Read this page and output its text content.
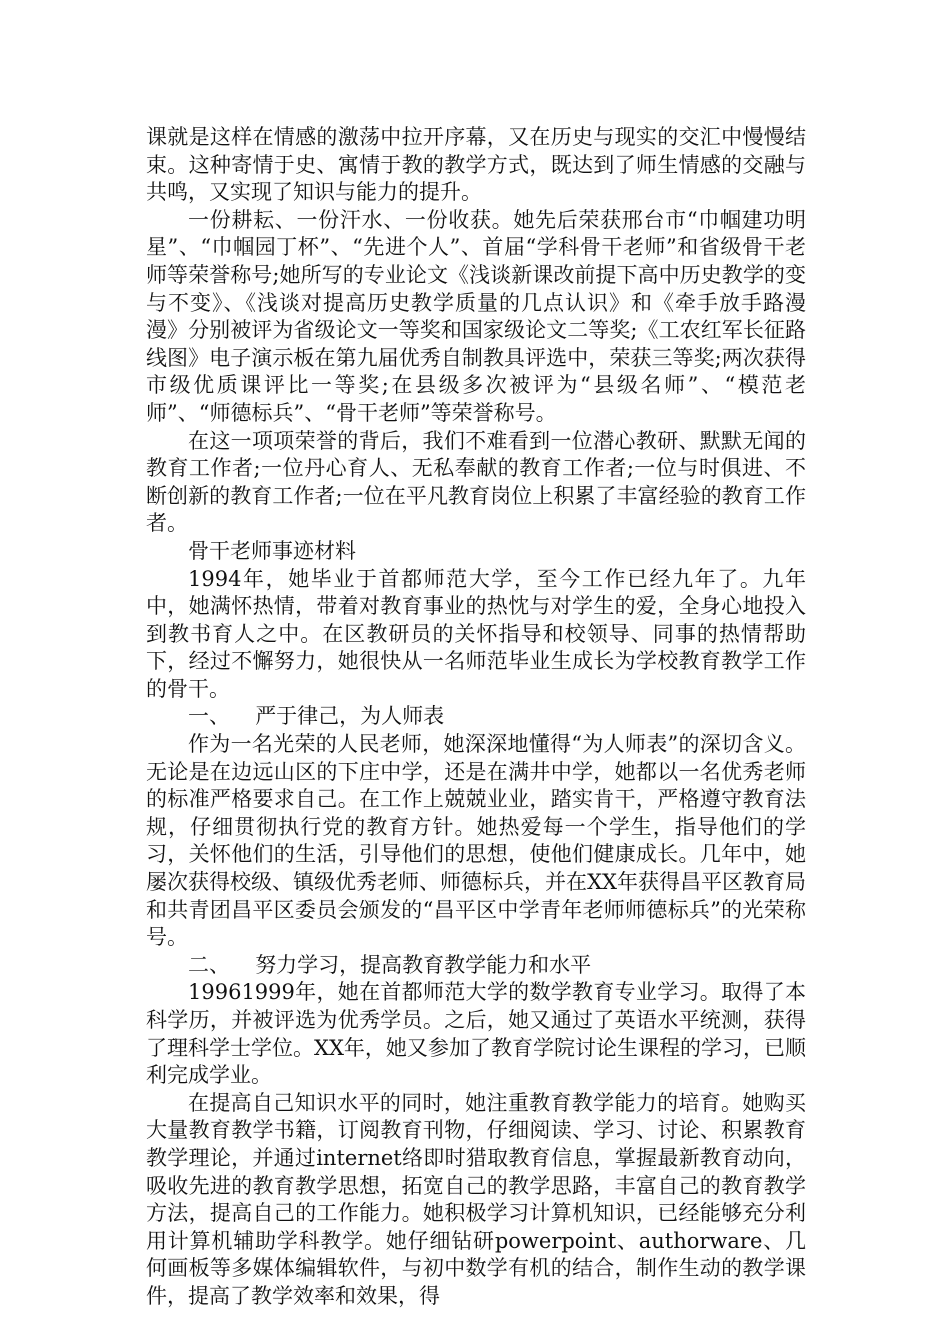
课就是这样在情感的激荡中拉开序幕，又在历史与现实的交汇中慢慢结束。这种寄情于史、寓情于教的教学方式，既达到了师生情感的交融与共鸣，又实现了知识与能力的提升。

一份耕耘、一份汗水、一份收获。她先后荣获邢台市“巾帼建功明星”、“巾帼园丁杯”、“先进个人”、首届“学科骨干老师”和省级骨干老师等荣誉称号;她所写的专业论文《浅谈新课改前提下高中历史教学的变与不变》、《浅谈对提高历史教学质量的几点认识》和《牵手放手路漫漫》分别被评为省级论文一等奖和国家级论文二等奖;《工农红军长征路线图》电子演示板在第九届优秀自制教具评选中，荣获三等奖;两次获得市级优质课评比一等奖;在县级多次被评为“县级名师”、“模范老师”、“师德标兵”、“骨干老师”等荣誉称号。

在这一项项荣誉的背后，我们不难看到一位潜心教研、默默无闻的教育工作者;一位丹心育人、无私奉献的教育工作者;一位与时俱进、不断创新的教育工作者;一位在平凡教育岗位上积累了丰富经验的教育工作者。

骨干老师事迹材料

1994年，她毕业于首都师范大学，至今工作已经九年了。九年中，她满怀热情，带着对教育事业的热忱与对学生的爱，全身心地投入到教书育人之中。在区教研员的关怀指导和校领导、同事的热情帮助下，经过不懈努力，她很快从一名师范毕业生成长为学校教育教学工作的骨干。

一、 严于律己，为人师表

作为一名光荣的人民老师，她深深地懂得“为人师表”的深切含义。无论是在边远山区的下庄中学，还是在满井中学，她都以一名优秀老师的标准严格要求自己。在工作上兢兢业业，踏实肯干，严格遵守教育法规，仔细贯彻执行党的教育方针。她热爱每一个学生，指导他们的学习，关怀他们的生活，引导他们的思想，使他们健康成长。几年中，她屡次获得校级、镇级优秀老师、师德标兵，并在XX年获得昌平区教育局和共青团昌平区委员会颁发的“昌平区中学青年老师师德标兵”的光荣称号。

二、 努力学习，提高教育教学能力和水平

19961999年，她在首都师范大学的数学教育专业学习。取得了本科学历，并被评选为优秀学员。之后，她又通过了英语水平统测，获得了理科学士学位。XX年，她又参加了教育学院讨论生课程的学习，已顺利完成学业。

在提高自己知识水平的同时，她注重教育教学能力的培育。她购买大量教育教学书籍，订阅教育刊物，仔细阅读、学习、讨论、积累教育教学理论，并通过internet络即时猎取教育信息，掌握最新教育动向，吸收先进的教育教学思想，拓宽自己的教学思路，丰富自己的教育教学方法，提高自己的工作能力。她积极学习计算机知识，已经能够充分利用计算机辅助学科教学。她仔细钻研powerpoint、authorware、几何画板等多媒体编辑软件，与初中数学有机的结合，制作生动的教学课件，提高了教学效率和效果，得
